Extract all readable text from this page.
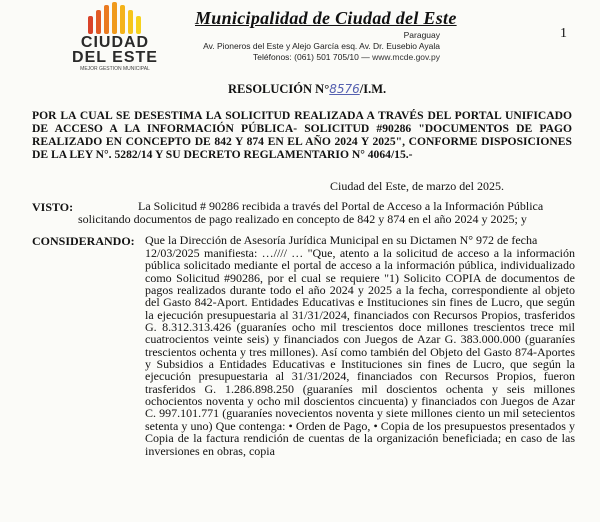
CIUDAD
DEL ESTE
MEJOR GESTION MUNICIPAL
Municipalidad de Ciudad del Este
1
Paraguay
Av. Pioneros del Este y Alejo García esq. Av. Dr. Eusebio Ayala
Teléfonos: (061) 501 705/10 — www.mcde.gov.py
RESOLUCIÓN N°8576/I.M.
POR LA CUAL SE DESESTIMA LA SOLICITUD REALIZADA A TRAVÉS DEL PORTAL UNIFICADO DE ACCESO A LA INFORMACIÓN PÚBLICA- SOLICITUD #90286 "DOCUMENTOS DE PAGO REALIZADO EN CONCEPTO DE 842 Y 874 EN EL AÑO 2024 Y 2025", CONFORME DISPOSICIONES DE LA LEY N°. 5282/14 Y SU DECRETO REGLAMENTARIO N° 4064/15.-
Ciudad del Este, de marzo del 2025.
VISTO:	La Solicitud # 90286 recibida a través del Portal de Acceso a la Información Pública solicitando documentos de pago realizado en concepto de 842 y 874 en el año 2024 y 2025; y
CONSIDERANDO: Que la Dirección de Asesoría Jurídica Municipal en su Dictamen N° 972 de fecha
12/03/2025 manifiesta: …//// … "Que, atento a la solicitud de acceso a la información pública solicitado mediante el portal de acceso a la información pública, individualizado como Solicitud #90286, por el cual se requiere "1) Solicito COPIA de documentos de pagos realizados durante todo el año 2024 y 2025 a la fecha, correspondiente al objeto del Gasto 842-Aport. Entidades Educativas e Instituciones sin fines de Lucro, que según la ejecución presupuestaria al 31/31/2024, financiados con Recursos Propios, trasferidos G. 8.312.313.426 (guaraníes ocho mil trescientos doce millones trescientos trece mil cuatrocientos veinte seis) y financiados con Juegos de Azar G. 383.000.000 (guaraníes trescientos ochenta y tres millones). Así como también del Objeto del Gasto 874-Aportes y Subsidios a Entidades Educativas e Instituciones sin fines de Lucro, que según la ejecución presupuestaria al 31/31/2024, financiados con Recursos Propios, fueron trasferidos G. 1.286.898.250 (guaraníes mil doscientos ochenta y seis millones ochocientos noventa y ocho mil doscientos cincuenta) y financiados con Juegos de Azar C. 997.101.771 (guaraníes novecientos noventa y siete millones ciento un mil setecientos setenta y uno) Que contenga: • Orden de Pago, • Copia de los presupuestos presentados y Copia de la factura rendición de cuentas de la organización beneficiada; en caso de las inversiones en obras, copia
